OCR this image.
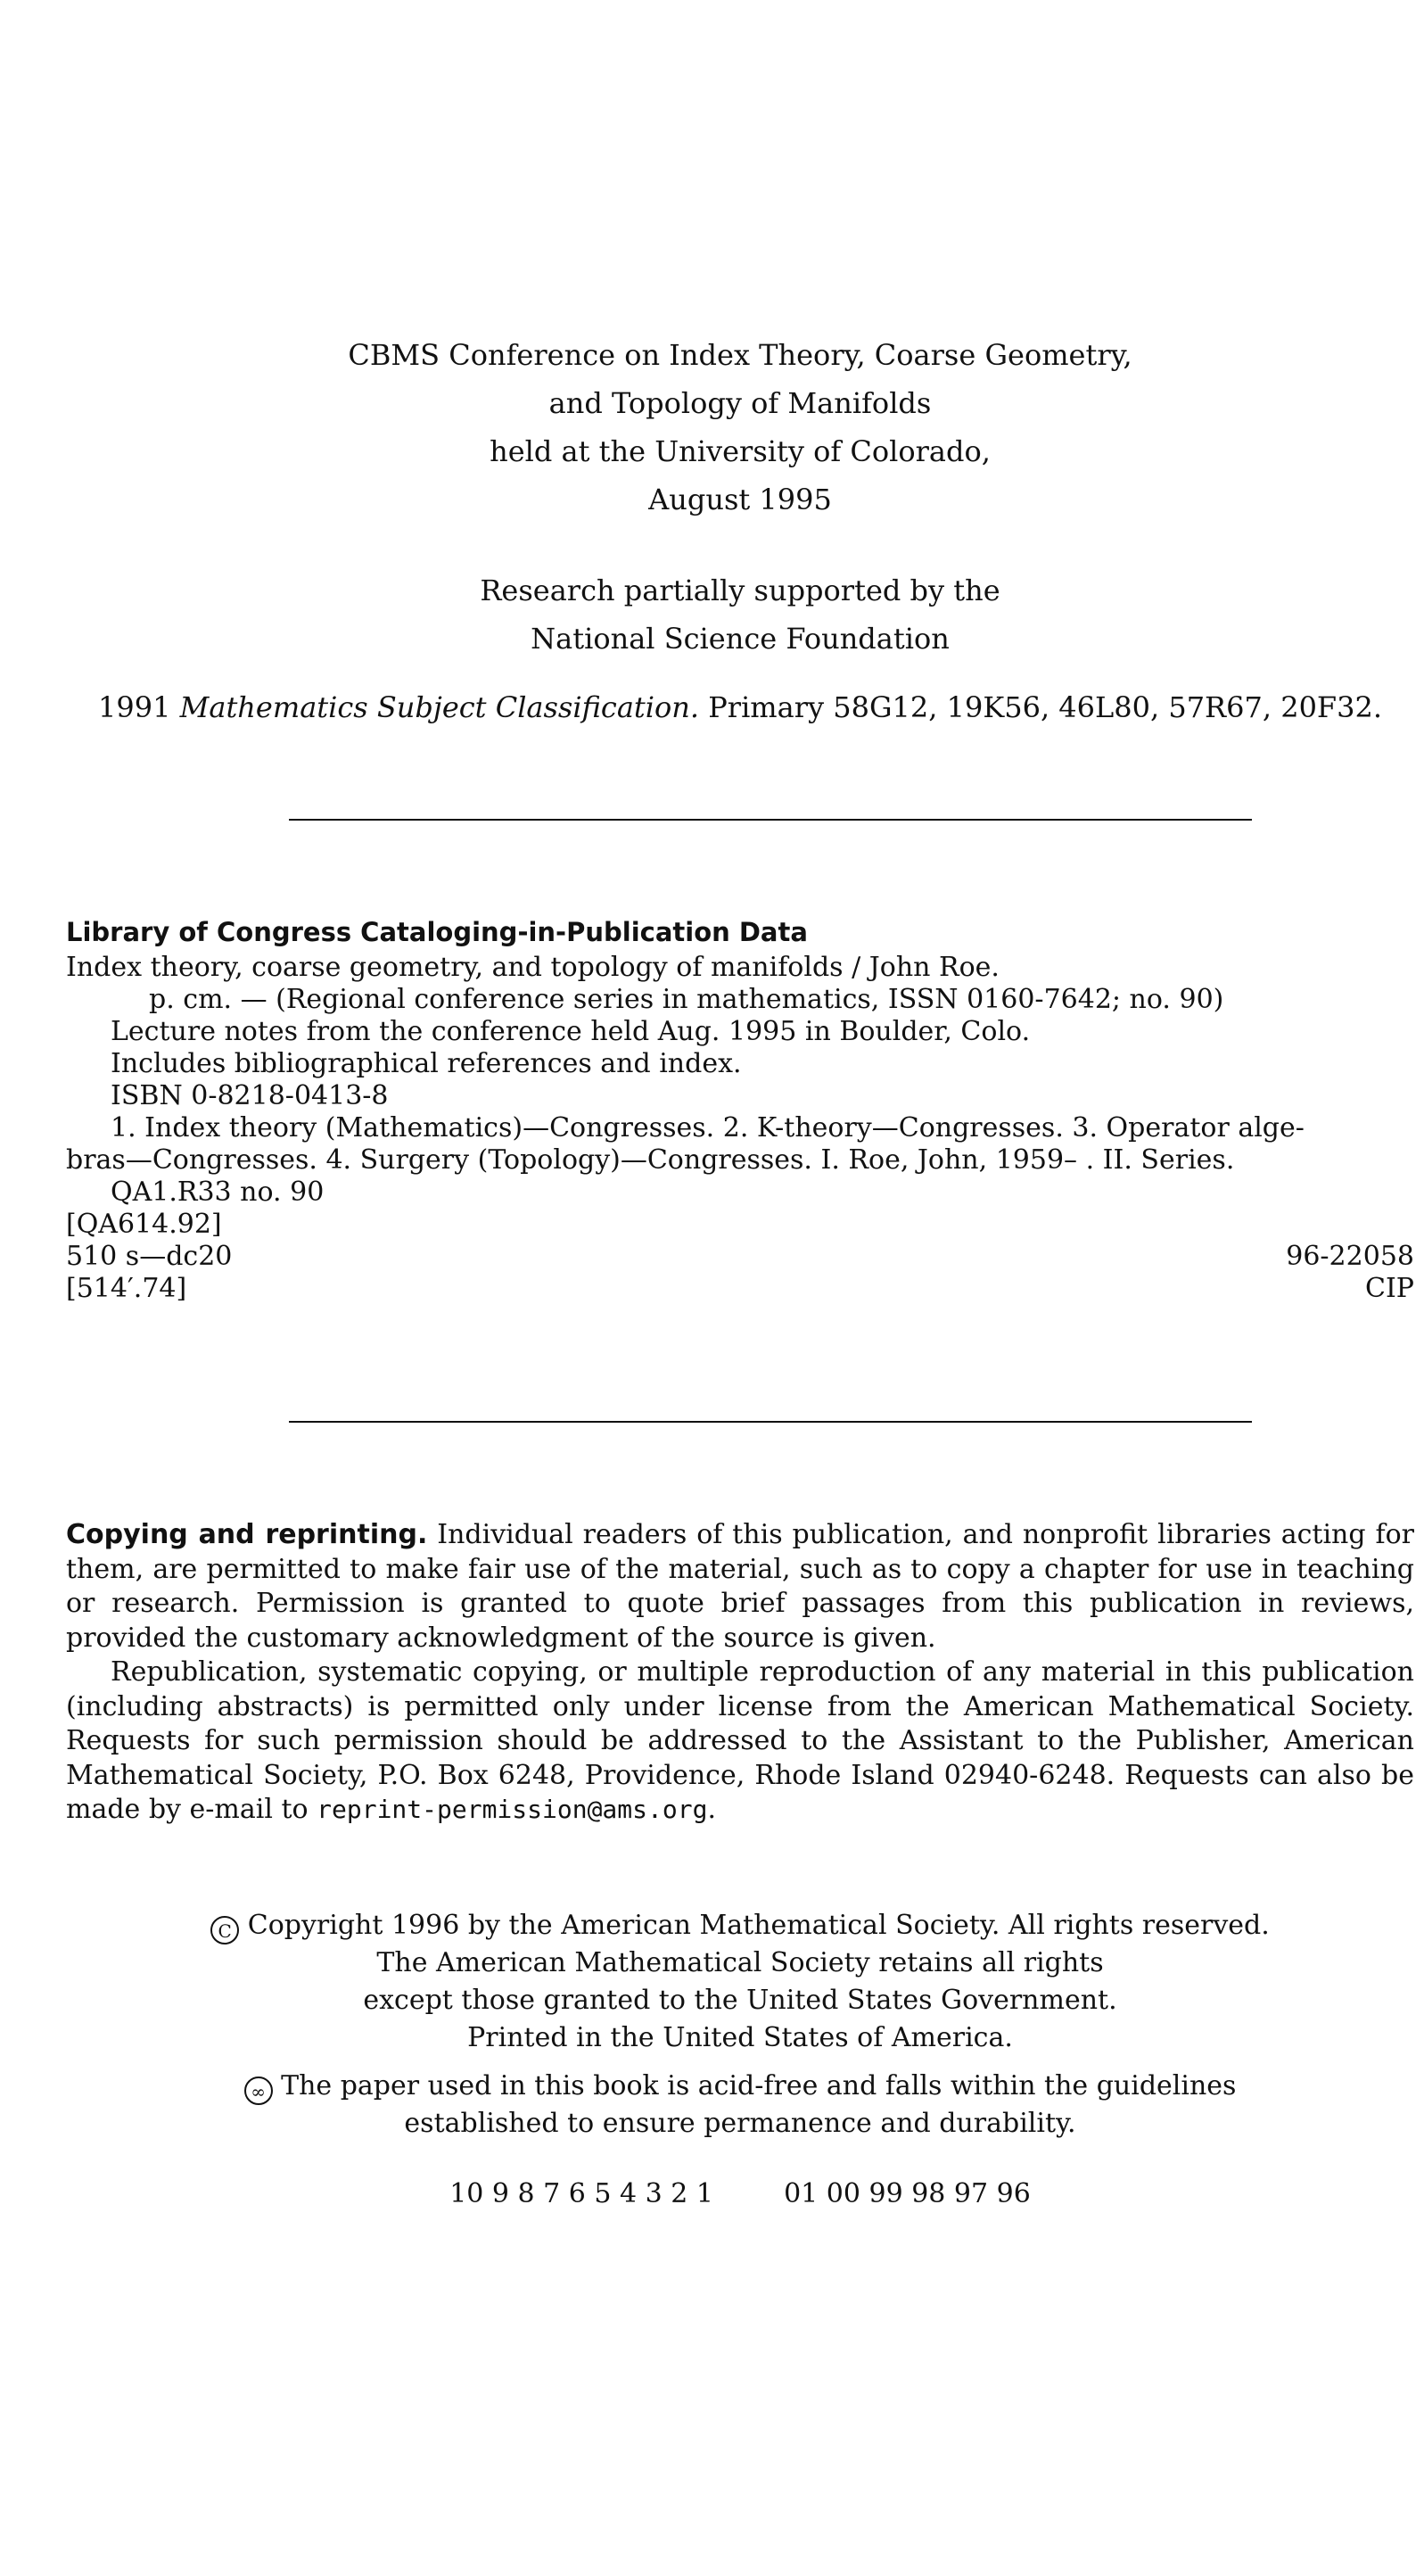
CBMS Conference on Index Theory, Coarse Geometry,
and Topology of Manifolds
held at the University of Colorado,
August 1995
Research partially supported by the
National Science Foundation
1991 Mathematics Subject Classification. Primary 58G12, 19K56, 46L80, 57R67, 20F32.
Library of Congress Cataloging-in-Publication Data
Index theory, coarse geometry, and topology of manifolds / John Roe.
p. cm. — (Regional conference series in mathematics, ISSN 0160-7642; no. 90)
Lecture notes from the conference held Aug. 1995 in Boulder, Colo.
Includes bibliographical references and index.
ISBN 0-8218-0413-8
1. Index theory (Mathematics)—Congresses. 2. K-theory—Congresses. 3. Operator alge-
bras—Congresses. 4. Surgery (Topology)—Congresses. I. Roe, John, 1959– . II. Series.
QA1.R33 no. 90
[QA614.92]
510 s—dc20	96-22058
[514′.74]	CIP

Copying and reprinting. Individual readers of this publication, and nonprofit libraries acting for them, are permitted to make fair use of the material, such as to copy a chapter for use in teaching or research. Permission is granted to quote brief passages from this publication in reviews, provided the customary acknowledgment of the source is given.

Republication, systematic copying, or multiple reproduction of any material in this publication (including abstracts) is permitted only under license from the American Mathematical Society. Requests for such permission should be addressed to the Assistant to the Publisher, American Mathematical Society, P.O. Box 6248, Providence, Rhode Island 02940-6248. Requests can also be made by e-mail to reprint-permission@ams.org.

C Copyright 1996 by the American Mathematical Society. All rights reserved.
The American Mathematical Society retains all rights
except those granted to the United States Government.
Printed in the United States of America.
∞ The paper used in this book is acid-free and falls within the guidelines
established to ensure permanence and durability.
10 9 8 7 6 5 4 3 2 1	01 00 99 98 97 96
